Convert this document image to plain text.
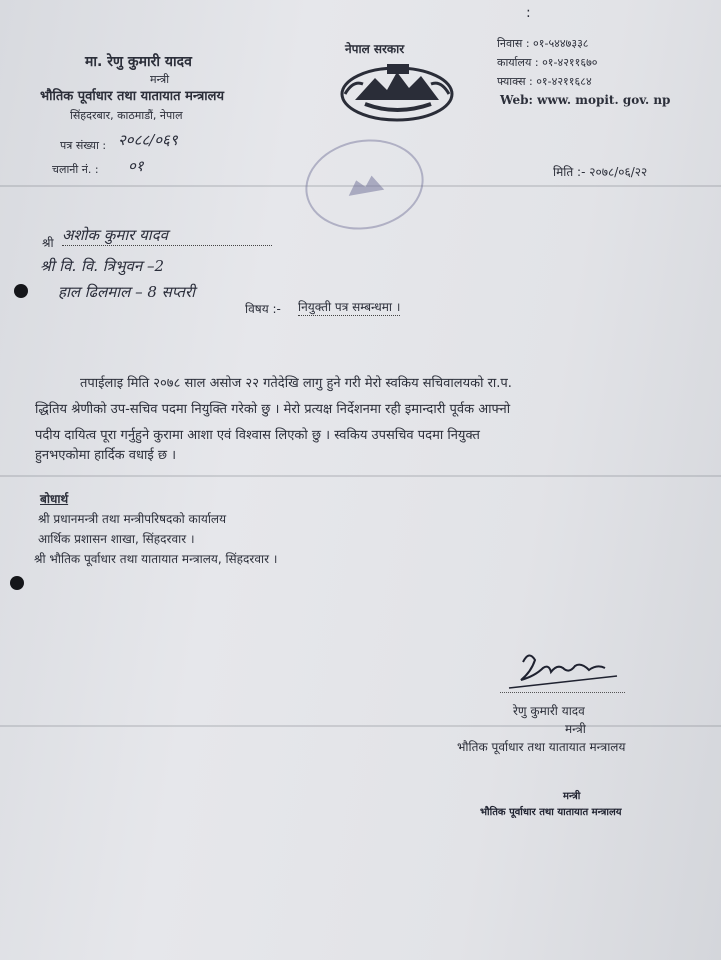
:
मा. रेणु कुमारी यादव
मन्त्री
भौतिक पूर्वाधार तथा यातायात मन्त्रालय
सिंहदरबार, काठमाडौं, नेपाल
पत्र संख्या : २०८८/०६९
चलानी नं. : ०१
नेपाल सरकार	निवास : ०१-५४४७३३८
कार्यालय : ०१-४२११६७०
फ्याक्स : ०१-४२११६८४
Web: www. mopit. gov. np
मिति :- २०७८/०६/२२
श्री अशोक कुमार यादव
श्री वि. वि. त्रिभुवन –2
हाल ढिलमाल – 8 सप्तरी
विषय :- नियुक्ती पत्र सम्बन्धमा ।
तपाईलाइ मिति २०७८ साल असोज २२ गतेदेखि लागु हुने गरी मेरो स्वकिय सचिवालयको रा.प.
द्धितिय श्रेणीको उप-सचिव पदमा नियुक्ति गरेको छु । मेरो प्रत्यक्ष निर्देशनमा रही इमान्दारी पूर्वक आफ्नो
पदीय दायित्व पूरा गर्नुहुने कुरामा आशा एवं विश्वास लिएको छु । स्वकिय उपसचिव पदमा नियुक्त
हुनभएकोमा हार्दिक वधाई छ ।
बोधार्थ
श्री प्रधानमन्त्री तथा मन्त्रीपरिषदको कार्यालय
आर्थिक प्रशासन शाखा, सिंहदरवार ।
श्री भौतिक पूर्वाधार तथा यातायात मन्त्रालय, सिंहदरवार ।
रेणु कुमारी यादव
मन्त्री
भौतिक पूर्वाधार तथा यातायात मन्त्रालय
मन्त्री
भौतिक पूर्वाधार तथा यातायात मन्त्रालय
